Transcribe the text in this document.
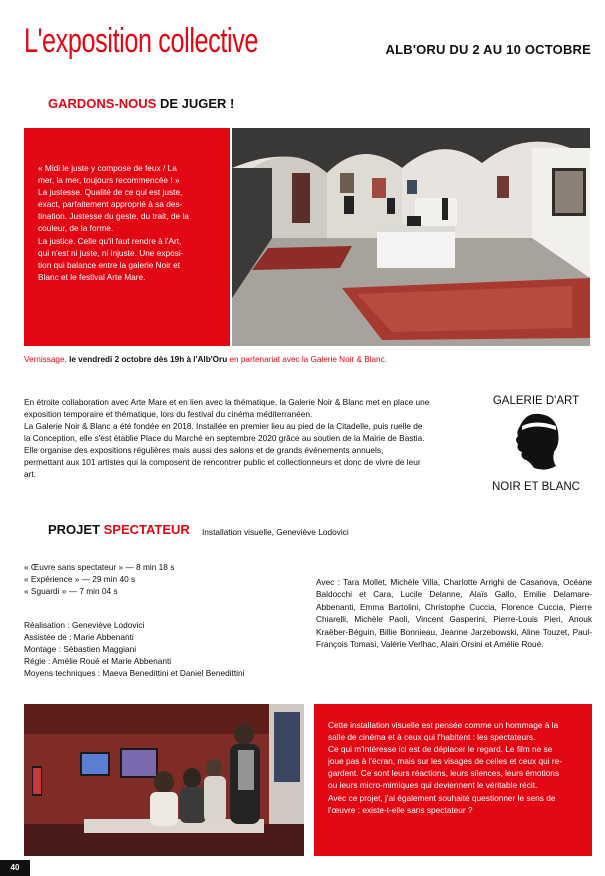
L'exposition collective	ALB'ORU DU 2 AU 10 OCTOBRE
GARDONS-NOUS DE JUGER !
« Midi le juste y compose de feux / La
mer, la mer, toujours recommencée ! »
La justesse. Qualité de ce qui est juste,
exact, parfaitement approprié à sa des-
tination. Justesse du geste, du trait, de la
couleur, de la forme.
La justice. Celle qu'il faut rendre à l'Art,
qui n'est ni juste, ni injuste. Une exposi-
tion qui balance entre la galerie Noir et
Blanc et le festival Arte Mare.
Vernissage, le vendredi 2 octobre dès 19h à l'Alb'Oru en partenariat avec la Galerie Noir & Blanc.
En étroite collaboration avec Arte Mare et en lien avec la thématique, la Galerie Noir & Blanc met en place une
exposition temporaire et thématique, lors du festival du cinéma méditerranéen.
La Galerie Noir & Blanc a été fondée en 2018. Installée en premier lieu au pied de la Citadelle, puis ruelle de
la Conception, elle s'est établie Place du Marché en septembre 2020 grâce au soutien de la Mairie de Bastia.
Elle organise des expositions régulières mais aussi des salons et de grands événements annuels,
permettant aux 101 artistes qui la composent de rencontrer public et collectionneurs et donc de vivre de leur
art.
GALERIE D'ART
NOIR ET BLANC
PROJET SPECTATEUR Installation visuelle, Geneviève Lodovici
« Œuvre sans spectateur » — 8 min 18 s
« Expérience » — 29 min 40 s
« Sguardi » — 7 min 04 s
Réalisation : Geneviève Lodovici
Assistée de : Marie Abbenanti
Montage : Sébastien Maggiani
Régie : Amélie Roué et Marie Abbenanti
Moyens techniques : Maeva Benedittini et Daniel Benedittini
Avec : Tara Mollet, Michèle Villa, Charlotte Arrighi de Casanova, Océane Baldocchi et Cara, Lucile Delanne, Alaïs Gallo, Emilie Delamare-Abbenanti, Emma Bartolini, Christophe Cuccia, Florence Cuccia, Pierre Chiarelli, Michèle Paoli, Vincent Gasperini, Pierre-Louis Pieri, Anouk Kraëber-Béguin, Billie Bonnieau, Jeanne Jarzebowski, Aline Touzet, Paul-François Tomasi, Valérie Verlhac, Alain Orsini et Amélie Roué.
Cette installation visuelle est pensée comme un hommage à la
salle de cinéma et à ceux qui l'habitent : les spectateurs.
Ce qui m'intéresse ici est de déplacer le regard. Le film ne se
joue pas à l'écran, mais sur les visages de celles et ceux qui re-
gardent. Ce sont leurs réactions, leurs silences, leurs émotions
ou leurs micro-mimiques qui deviennent le véritable récit.
Avec ce projet, j'ai également souhaité questionner le sens de
l'œuvre : existe-t-elle sans spectateur ?
40
